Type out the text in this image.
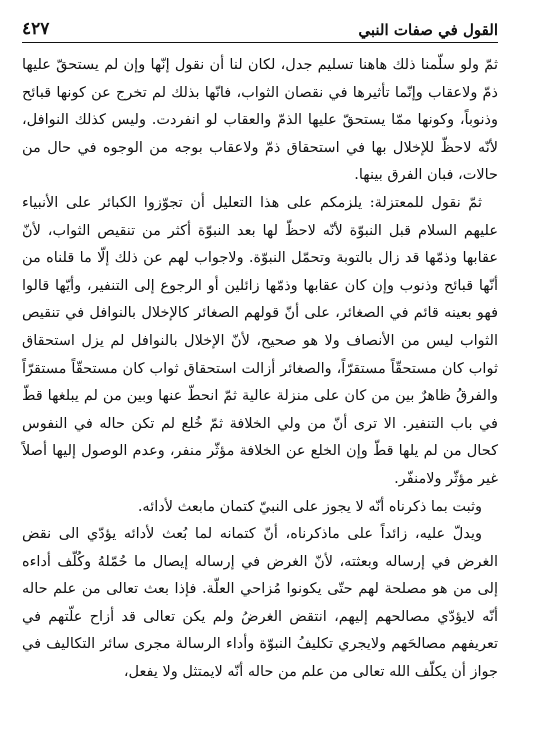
القول في صفات النبي
٤٢٧

ثمّ ولو سلّمنا ذلك هاهنا تسليم جدل، لكان لنا أن نقول إنّها وإن لم يستحقّ عليها ذمّ ولاعقاب وإنّما تأثيرها في نقصان الثواب، فانّها بذلك لم تخرج عن كونها قبائح وذنوباً، وكونها ممّا يستحقّ عليها الذمّ والعقاب لو انفردت. وليس كذلك النوافل، لأنّه لاحظّ للإخلال بها في استحقاق ذمّ ولاعقاب بوجه من الوجوه في حال من حالات، فبان الفرق بينها.

ثمّ نقول للمعتزلة: يلزمكم على هذا التعليل أن تجوّزوا الكبائر على الأنبياء عليهم السلام قبل النبوّة لأنّه لاحظّ لها بعد النبوّة أكثر من تنقيص الثواب، لأنّ عقابها وذمّها قد زال بالتوبة وتحمّل النبوّة. ولاجواب لهم عن ذلك إلّا ما قلناه من أنّها قبائح وذنوب وإن كان عقابها وذمّها زائلين أو الرجوع إلى التنفير، وأيّها قالوا فهو بعينه قائم في الصغائر، على أنّ قولهم الصغائر كالإخلال بالنوافل في تنقيص الثواب ليس من الأنصاف ولا هو صحيح، لأنّ الإخلال بالنوافل لم يزل استحقاق ثواب كان مستحقّاً مستقرّاً، والصغائر أزالت استحقاق ثواب كان مستحقّاً مستقرّاً والفرقُ ظاهرٌ بين من كان على منزلة عالية ثمّ انحطّ عنها وبين من لم يبلغها قطّ في باب التنفير. الا ترى أنّ من ولي الخلافة ثمّ خُلع لم تكن حاله في النفوس كحال من لم يلها قطّ وإن الخلع عن الخلافة مؤثّر منفر، وعدم الوصول إليها أصلاً غير مؤثّر ولامنفّر.

وثبت بما ذكرناه أنّه لا يجوز على النبيّ كتمان مابعث لأدائه.

ويدلّ عليه، زائداً على ماذكرناه، أنّ كتمانه لما بُعث لأدائه يؤدّي الى نقض الغرض في إرساله وبعثته، لأنّ الغرض في إرساله إيصال ما حُمّلهُ وكُلّف أداءه إلى من هو مصلحة لهم حتّى يكونوا مُزاحي العلّة. فإذا بعث تعالى من علم حاله أنّه لايؤدّي مصالحهم إليهم، انتقض الغرضُ ولم يكن تعالى قد أزاح علّتهم في تعريفهم مصالحَهم ولايجري تكليفُ النبوّة وأداء الرسالة مجرى سائر التكاليف في جواز أن يكلّف الله تعالى من علم من حاله أنّه لايمتثل ولا يفعل،
